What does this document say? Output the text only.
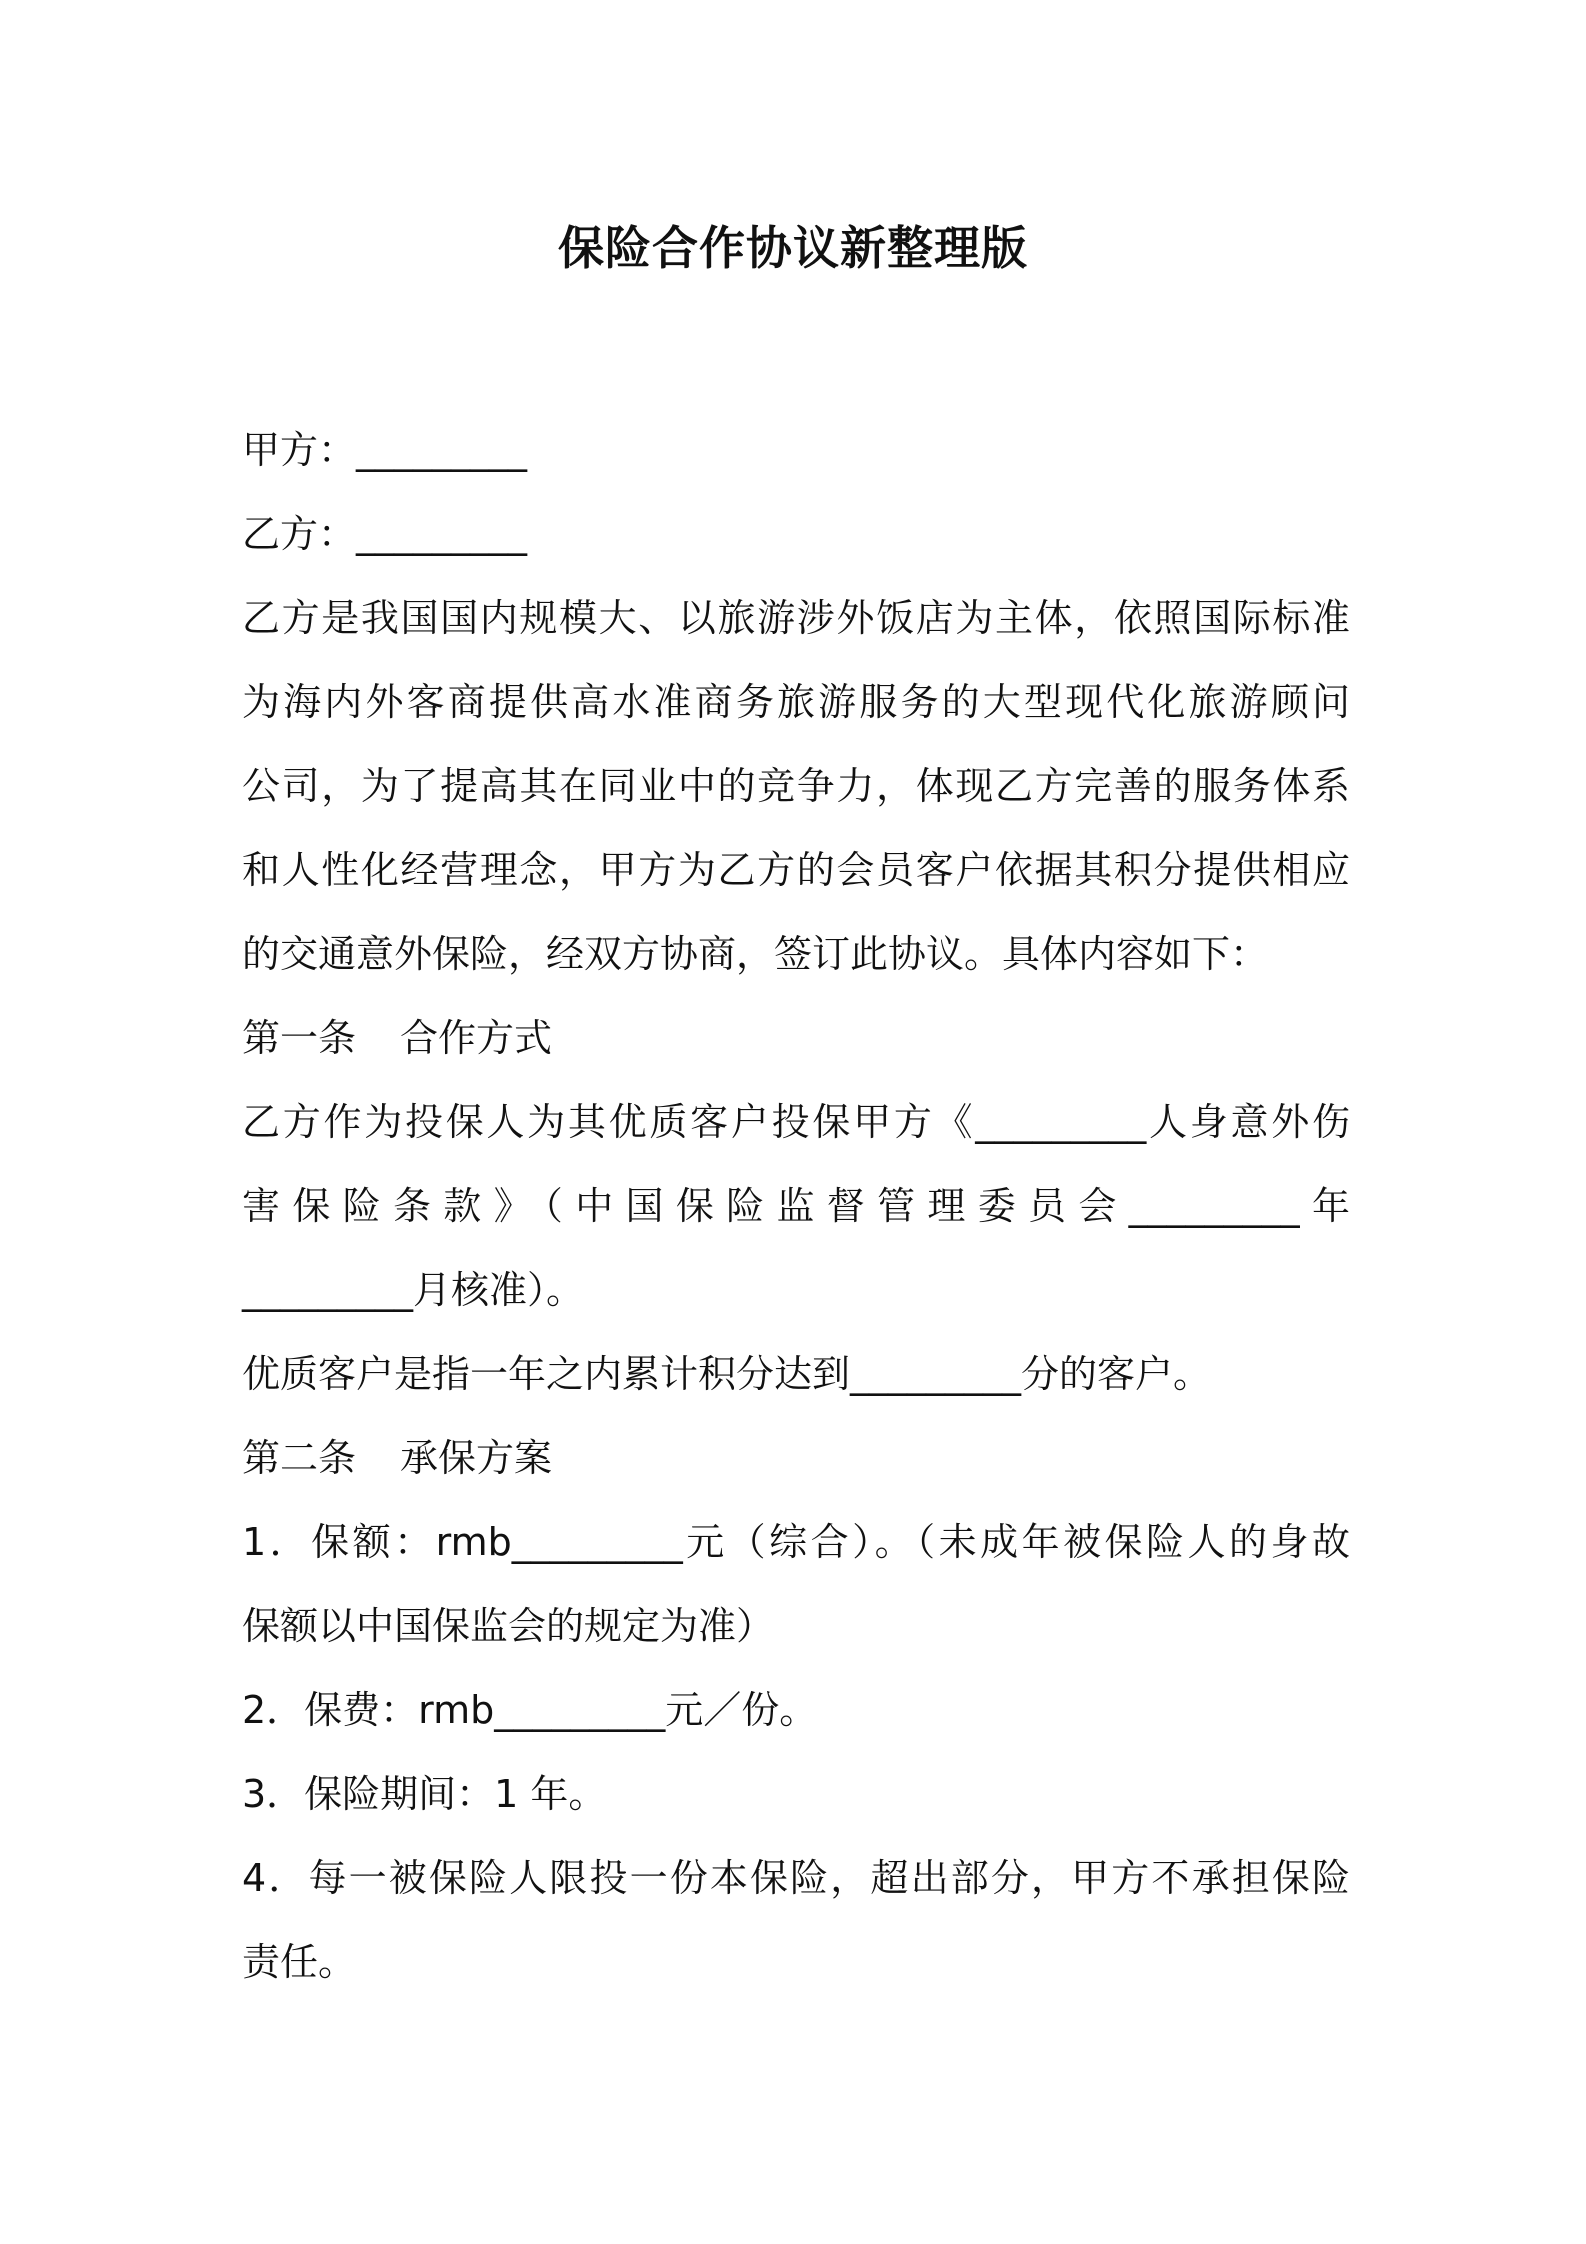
保险合作协议新整理版
甲方：_________
乙方：_________
乙方是我国国内规模大、以旅游涉外饭店为主体，依照国际标准
为海内外客商提供高水准商务旅游服务的大型现代化旅游顾问
公司，为了提高其在同业中的竞争力，体现乙方完善的服务体系
和人性化经营理念，甲方为乙方的会员客户依据其积分提供相应
的交通意外保险，经双方协商，签订此协议。具体内容如下：
第一条 合作方式
乙方作为投保人为其优质客户投保甲方《_________人身意外伤
害保险条款》（中国保险监督管理委员会_________年
_________月核准）。
优质客户是指一年之内累计积分达到_________分的客户。
第二条 承保方案
1．保额：rmb_________元（综合）。（未成年被保险人的身故
保额以中国保监会的规定为准）
2．保费：rmb_________元／份。
3．保险期间：1 年。
4．每一被保险人限投一份本保险，超出部分，甲方不承担保险
责任。
